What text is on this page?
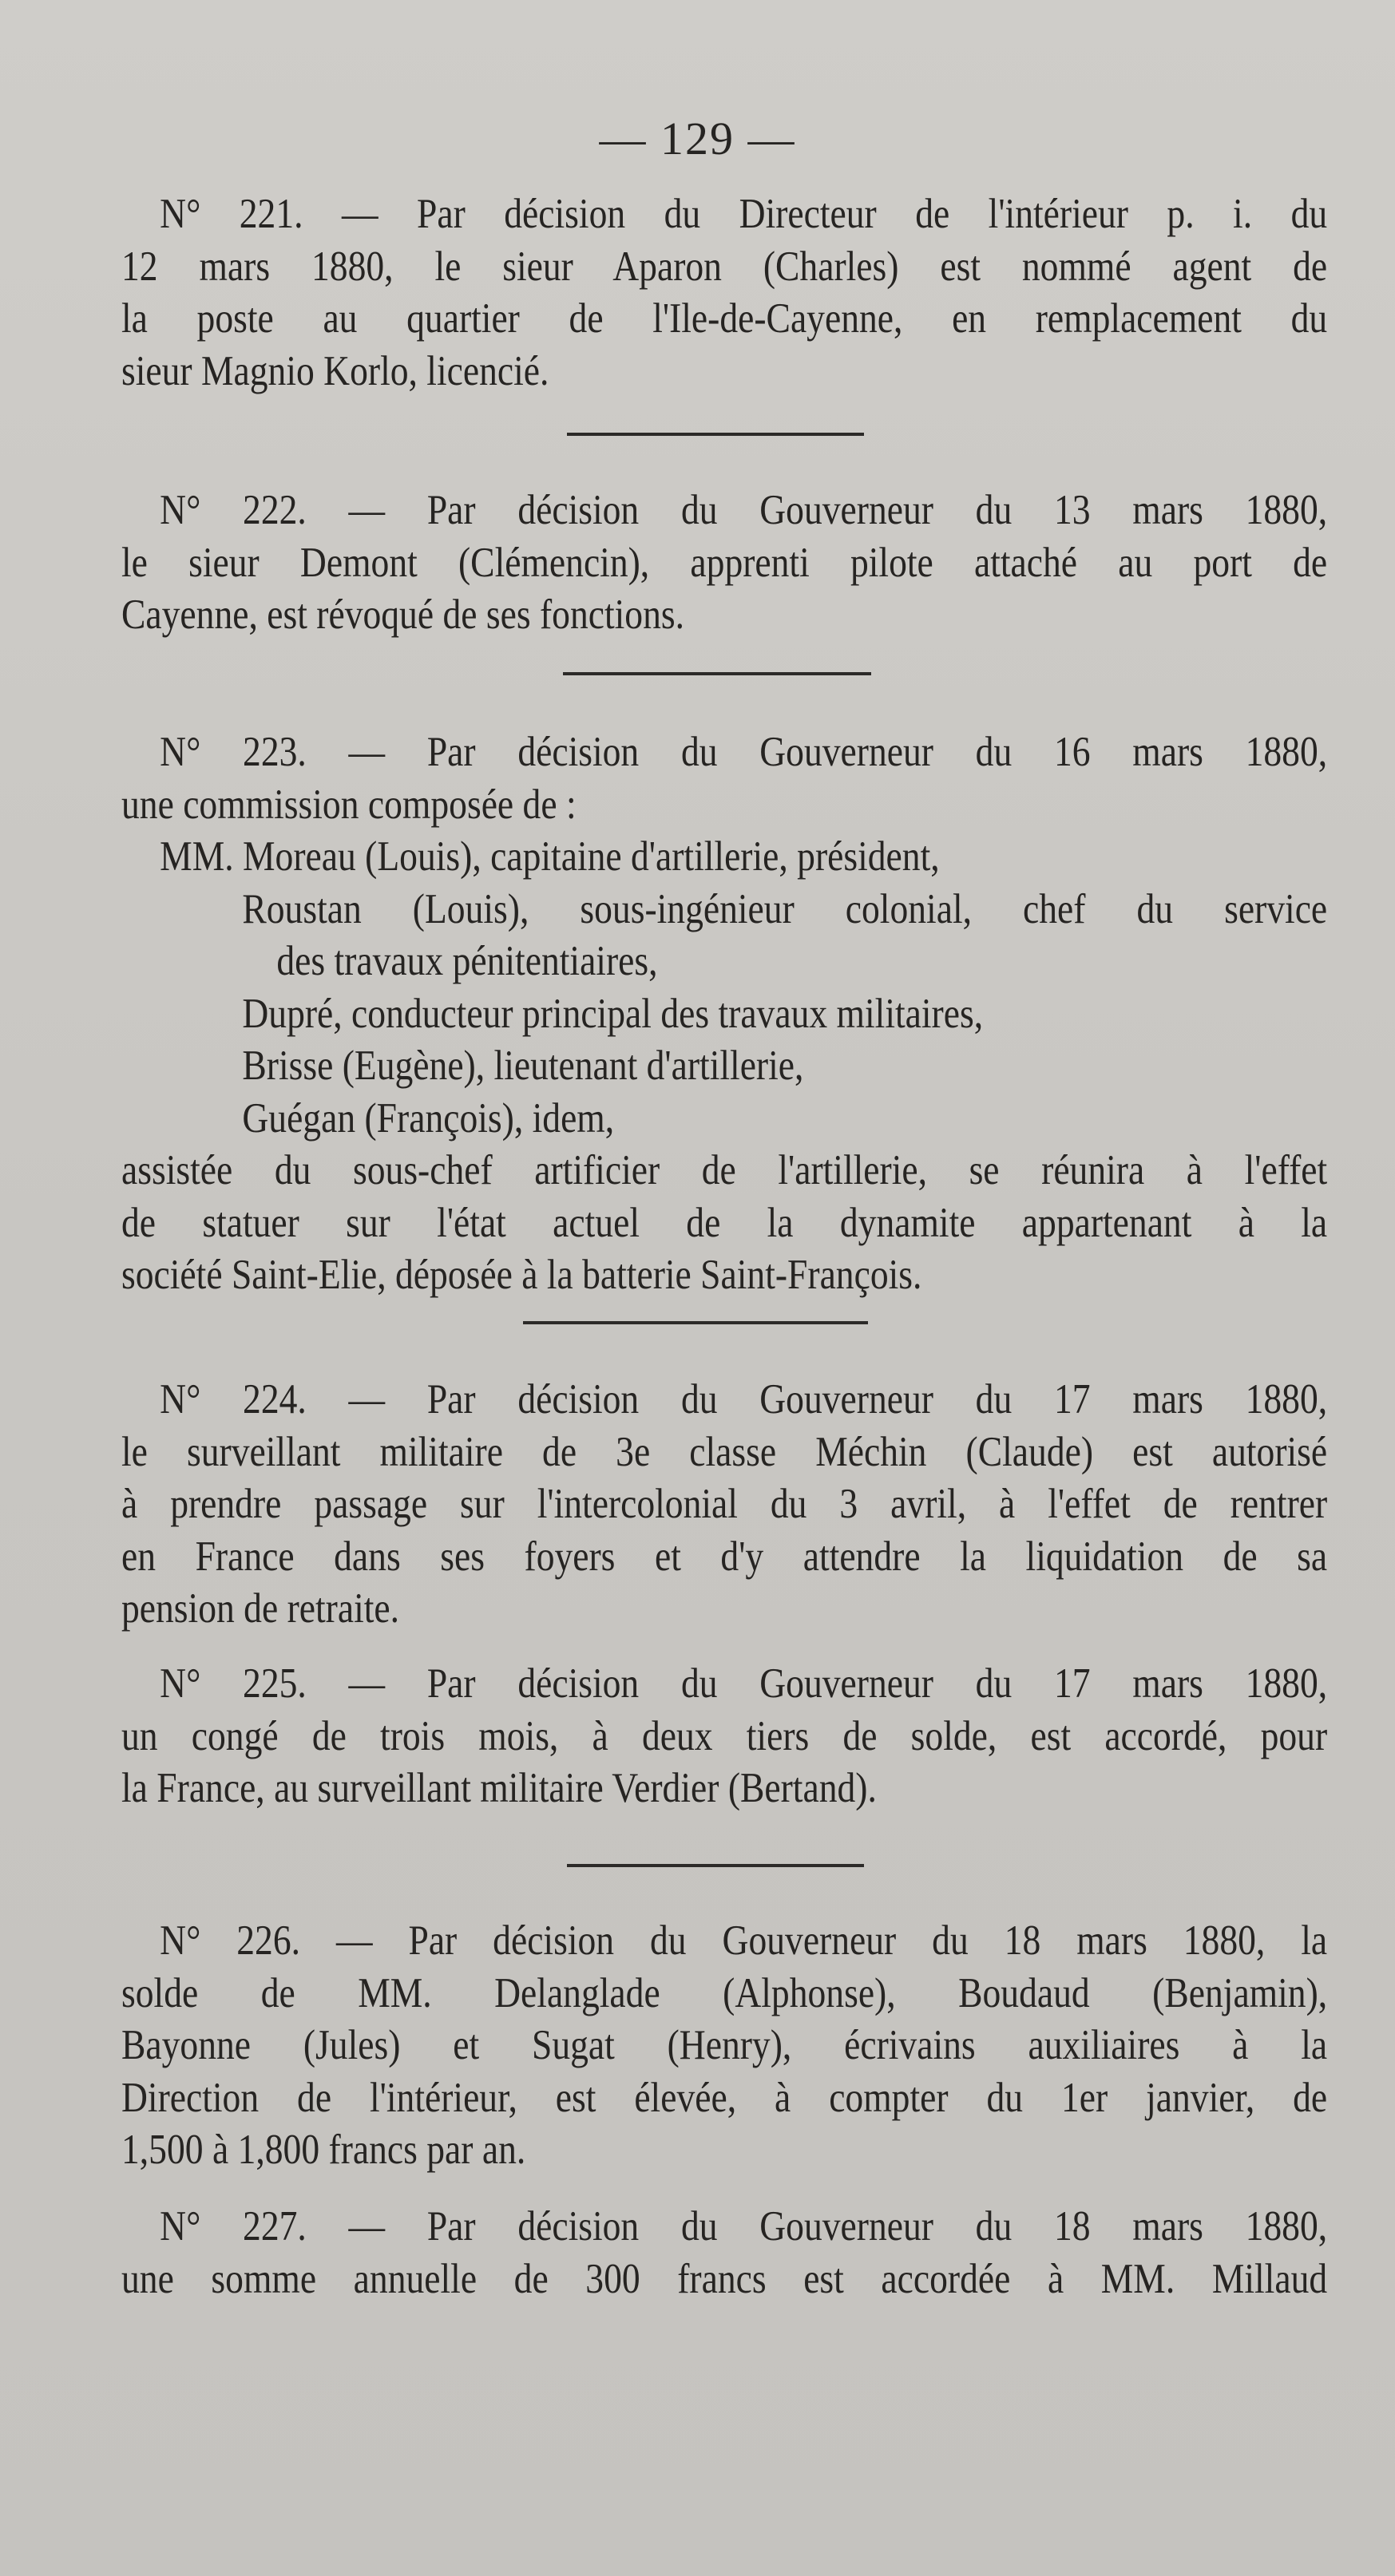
— 129 —
N° 221. — Par décision du Directeur de l'intérieur p. i. du
12 mars 1880, le sieur Aparon (Charles) est nommé agent de
la poste au quartier de l'Ile-de-Cayenne, en remplacement du
sieur Magnio Korlo, licencié.
N° 222. — Par décision du Gouverneur du 13 mars 1880,
le sieur Demont (Clémencin), apprenti pilote attaché au port de
Cayenne, est révoqué de ses fonctions.
N° 223. — Par décision du Gouverneur du 16 mars 1880,
une commission composée de :
MM. Moreau (Louis), capitaine d'artillerie, président,
Roustan (Louis), sous-ingénieur colonial, chef du service
des travaux pénitentiaires,
Dupré, conducteur principal des travaux militaires,
Brisse (Eugène), lieutenant d'artillerie,
Guégan (François), idem,
assistée du sous-chef artificier de l'artillerie, se réunira à l'effet
de statuer sur l'état actuel de la dynamite appartenant à la
société Saint-Elie, déposée à la batterie Saint-François.
N° 224. — Par décision du Gouverneur du 17 mars 1880,
le surveillant militaire de 3e classe Méchin (Claude) est autorisé
à prendre passage sur l'intercolonial du 3 avril, à l'effet de rentrer
en France dans ses foyers et d'y attendre la liquidation de sa
pension de retraite.
N° 225. — Par décision du Gouverneur du 17 mars 1880,
un congé de trois mois, à deux tiers de solde, est accordé, pour
la France, au surveillant militaire Verdier (Bertand).
N° 226. — Par décision du Gouverneur du 18 mars 1880, la
solde de MM. Delanglade (Alphonse), Boudaud (Benjamin),
Bayonne (Jules) et Sugat (Henry), écrivains auxiliaires à la
Direction de l'intérieur, est élevée, à compter du 1er janvier, de
1,500 à 1,800 francs par an.
N° 227. — Par décision du Gouverneur du 18 mars 1880,
une somme annuelle de 300 francs est accordée à MM. Millaud
